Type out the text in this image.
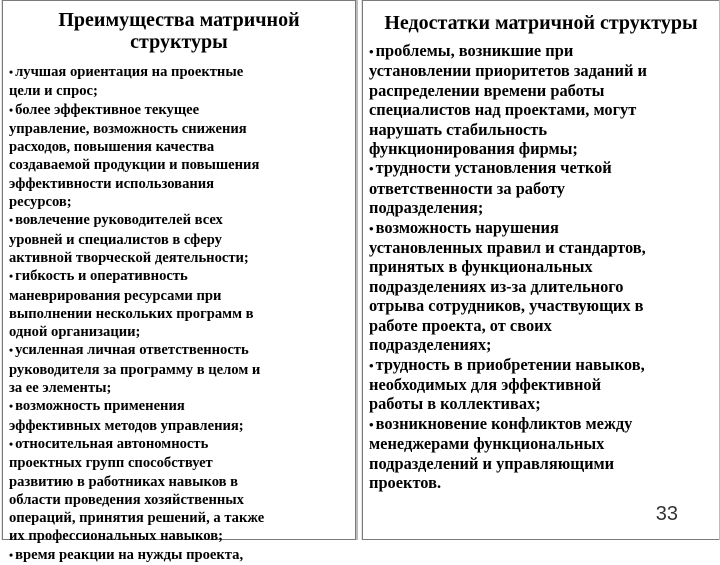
Преимущества матричной структуры
• лучшая ориентация на проектные
цели и спрос;
• более эффективное текущее
управление, возможность снижения
расходов, повышения качества
создаваемой продукции и повышения
эффективности использования
ресурсов;
• вовлечение руководителей всех
уровней и специалистов в сферу
активной творческой деятельности;
• гибкость и оперативность
маневрирования ресурсами при
выполнении нескольких программ в
одной организации;
• усиленная личная ответственность
руководителя за программу в целом и
за ее элементы;
• возможность применения
эффективных методов управления;
• относительная автономность
проектных групп способствует
развитию в работниках навыков в
области проведения хозяйственных
операций, принятия решений, а также
их профессиональных навыков;
• время реакции на нужды проекта,
Недостатки матричной структуры
• проблемы, возникшие при
установлении приоритетов заданий и
распределении времени работы
специалистов над проектами, могут
нарушать стабильность
функционирования фирмы;
• трудности установления четкой
ответственности за работу
подразделения;
• возможность нарушения
установленных правил и стандартов,
принятых в функциональных
подразделениях из-за длительного
отрыва сотрудников, участвующих в
работе проекта, от своих
подразделениях;
• трудность в приобретении навыков,
необходимых для эффективной
работы в коллективах;
• возникновение конфликтов между
менеджерами функциональных
подразделений и управляющими
проектов.
33
